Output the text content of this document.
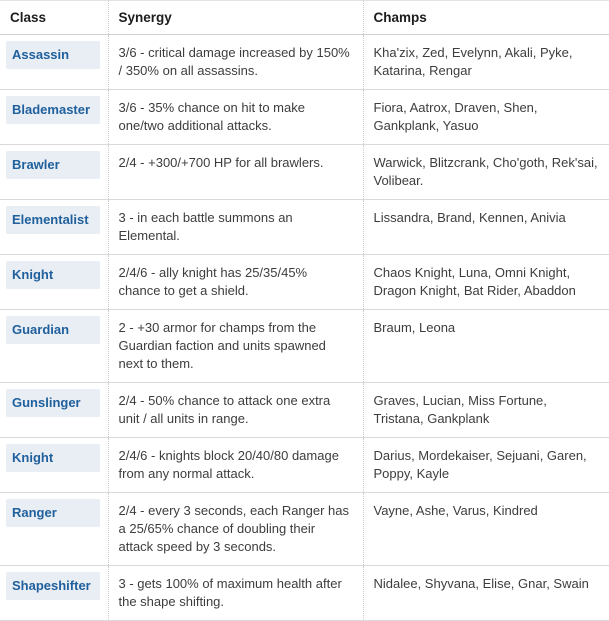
Class	Synergy	Champs

Assassin	3/6 - critical damage increased by 150% / 350% on all assassins.	Kha'zix, Zed, Evelynn, Akali, Pyke, Katarina, Rengar

Blademaster	3/6 - 35% chance on hit to make one/two additional attacks.	Fiora, Aatrox, Draven, Shen, Gankplank, Yasuo

Brawler	2/4 - +300/+700 HP for all brawlers.	Warwick, Blitzcrank, Cho'goth, Rek'sai, Volibear.

Elementalist	3 - in each battle summons an Elemental.	Lissandra, Brand, Kennen, Anivia

Knight	2/4/6 - ally knight has 25/35/45% chance to get a shield.	Chaos Knight, Luna, Omni Knight, Dragon Knight, Bat Rider, Abaddon

Guardian	2 - +30 armor for champs from the Guardian faction and units spawned next to them.	Braum, Leona

Gunslinger	2/4 - 50% chance to attack one extra unit / all units in range.	Graves, Lucian, Miss Fortune, Tristana, Gankplank

Knight	2/4/6 - knights block 20/40/80 damage from any normal attack.	Darius, Mordekaiser, Sejuani, Garen, Poppy, Kayle

Ranger	2/4 - every 3 seconds, each Ranger has a 25/65% chance of doubling their attack speed by 3 seconds.	Vayne, Ashe, Varus, Kindred

Shapeshifter	3 - gets 100% of maximum health after the shape shifting.	Nidalee, Shyvana, Elise, Gnar, Swain
